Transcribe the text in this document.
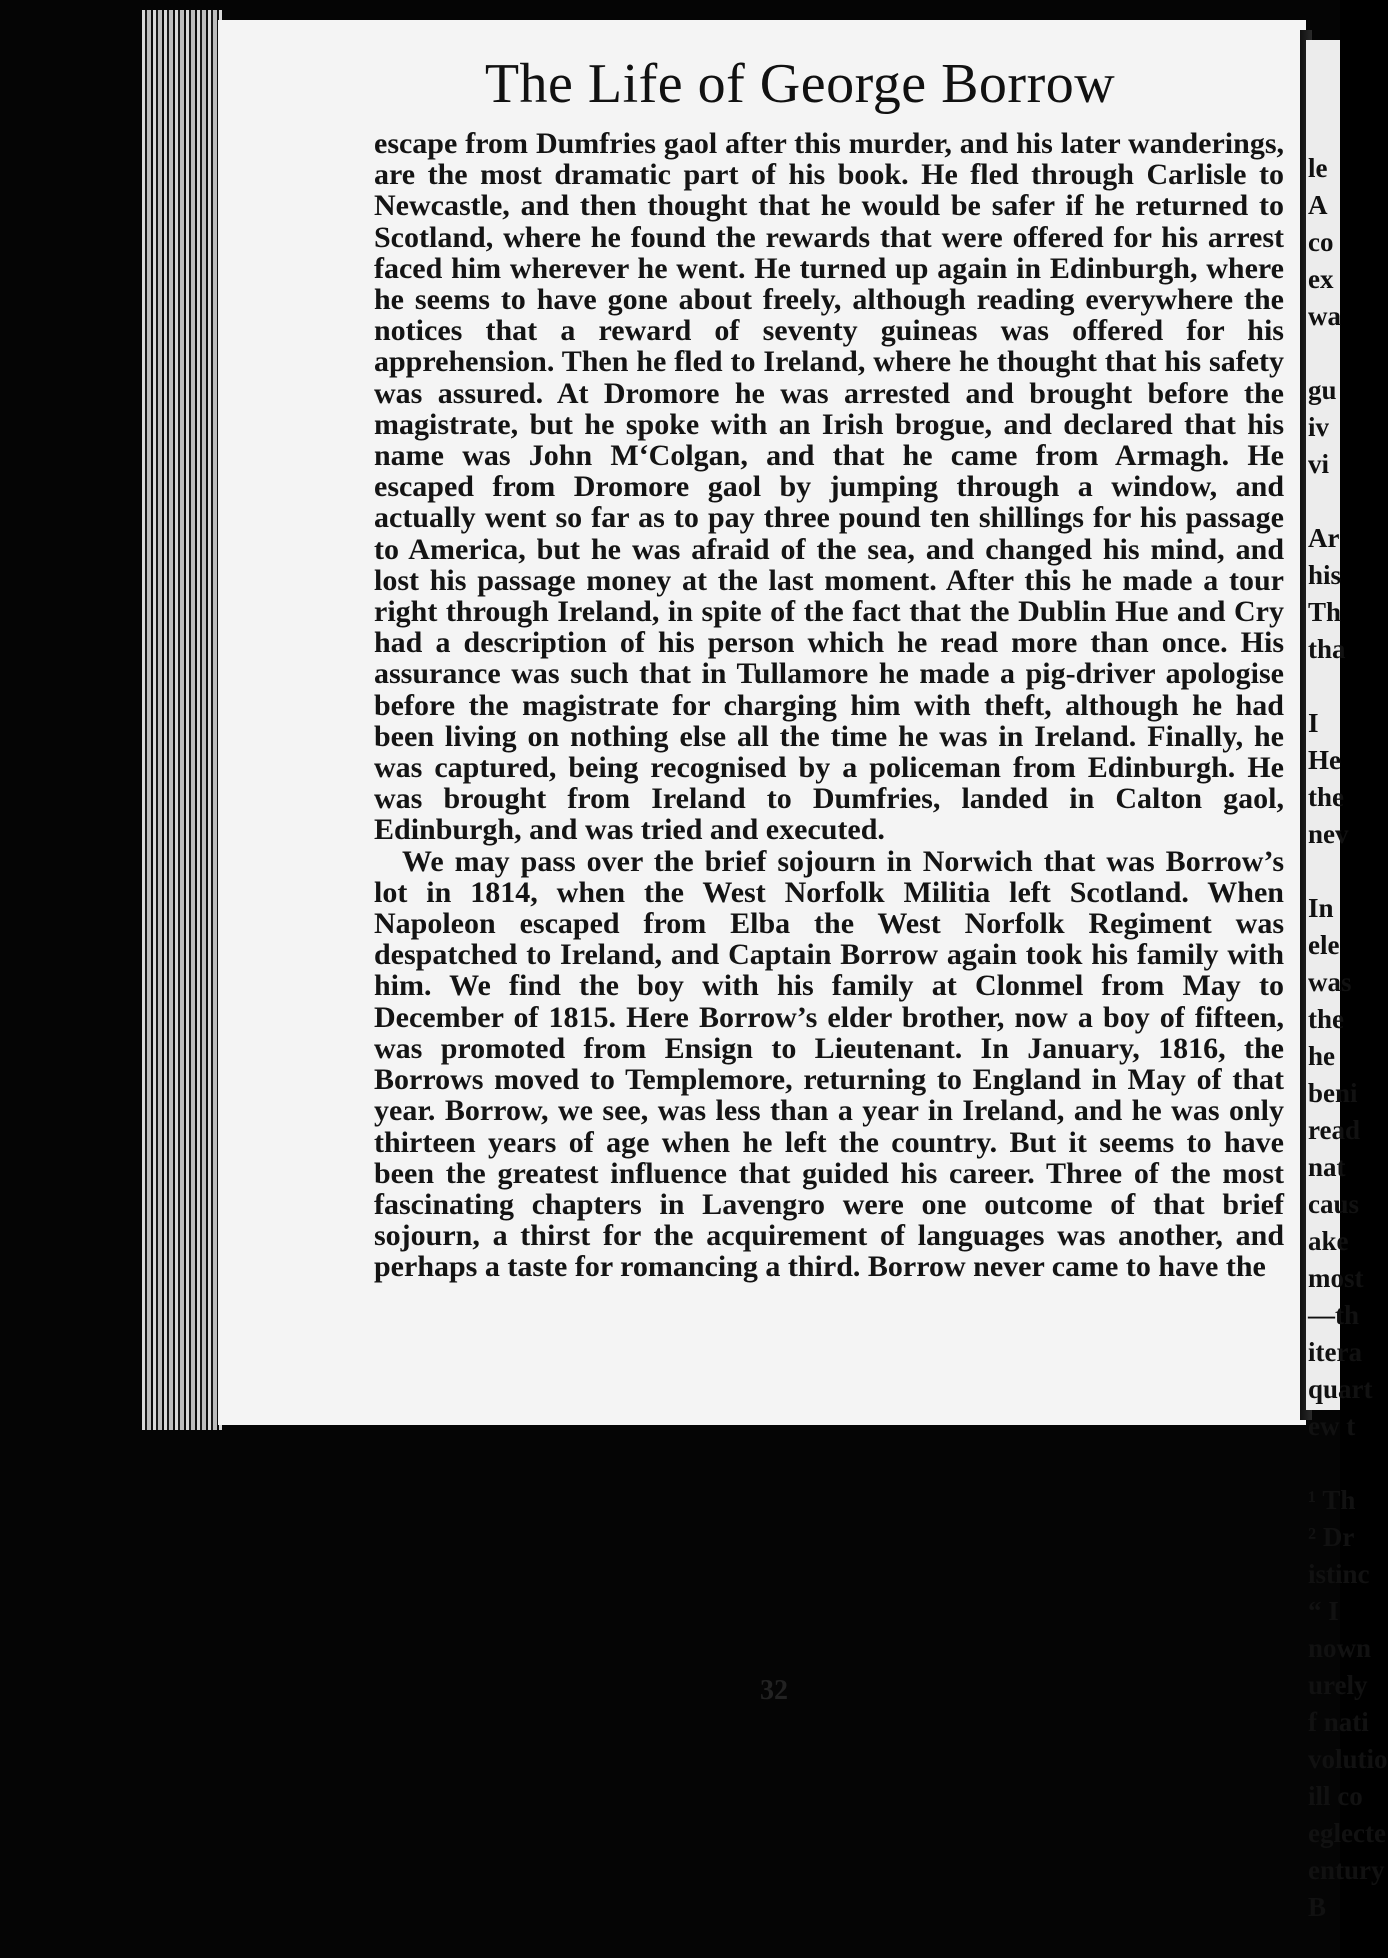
le
A
co
ex
wa
gu
iv
vi
Ar
his
Th
tha
I
He
the
nev
In
ele
was
the
he
beni
read
nat
caus
ake
most
—th
itera
quart
ew t
¹ Th
² Dr
istinc
“ I
nown
urely
f nati
volutio
ill co
eglecte
entury
B
The Life of George Borrow

escape from Dumfries gaol after this murder, and his later wanderings, are the most dramatic part of his book. He fled through Carlisle to Newcastle, and then thought that he would be safer if he returned to Scotland, where he found the rewards that were offered for his arrest faced him wherever he went. He turned up again in Edinburgh, where he seems to have gone about freely, although reading everywhere the notices that a reward of seventy guineas was offered for his apprehension. Then he fled to Ireland, where he thought that his safety was assured. At Dromore he was arrested and brought before the magistrate, but he spoke with an Irish brogue, and declared that his name was John M‘Colgan, and that he came from Armagh. He escaped from Dromore gaol by jumping through a window, and actually went so far as to pay three pound ten shillings for his passage to America, but he was afraid of the sea, and changed his mind, and lost his passage money at the last moment. After this he made a tour right through Ireland, in spite of the fact that the Dublin Hue and Cry had a description of his person which he read more than once. His assurance was such that in Tullamore he made a pig-driver apologise before the magistrate for charging him with theft, although he had been living on nothing else all the time he was in Ireland. Finally, he was captured, being recognised by a policeman from Edinburgh. He was brought from Ireland to Dumfries, landed in Calton gaol, Edinburgh, and was tried and executed.

We may pass over the brief sojourn in Norwich that was Borrow’s lot in 1814, when the West Norfolk Militia left Scotland. When Napoleon escaped from Elba the West Norfolk Regiment was despatched to Ireland, and Captain Borrow again took his family with him. We find the boy with his family at Clonmel from May to December of 1815. Here Borrow’s elder brother, now a boy of fifteen, was promoted from Ensign to Lieutenant. In January, 1816, the Borrows moved to Templemore, returning to England in May of that year. Borrow, we see, was less than a year in Ireland, and he was only thirteen years of age when he left the country. But it seems to have been the greatest influence that guided his career. Three of the most fascinating chapters in Lavengro were one outcome of that brief sojourn, a thirst for the acquirement of languages was another, and perhaps a taste for romancing a third. Borrow never came to have the

32
